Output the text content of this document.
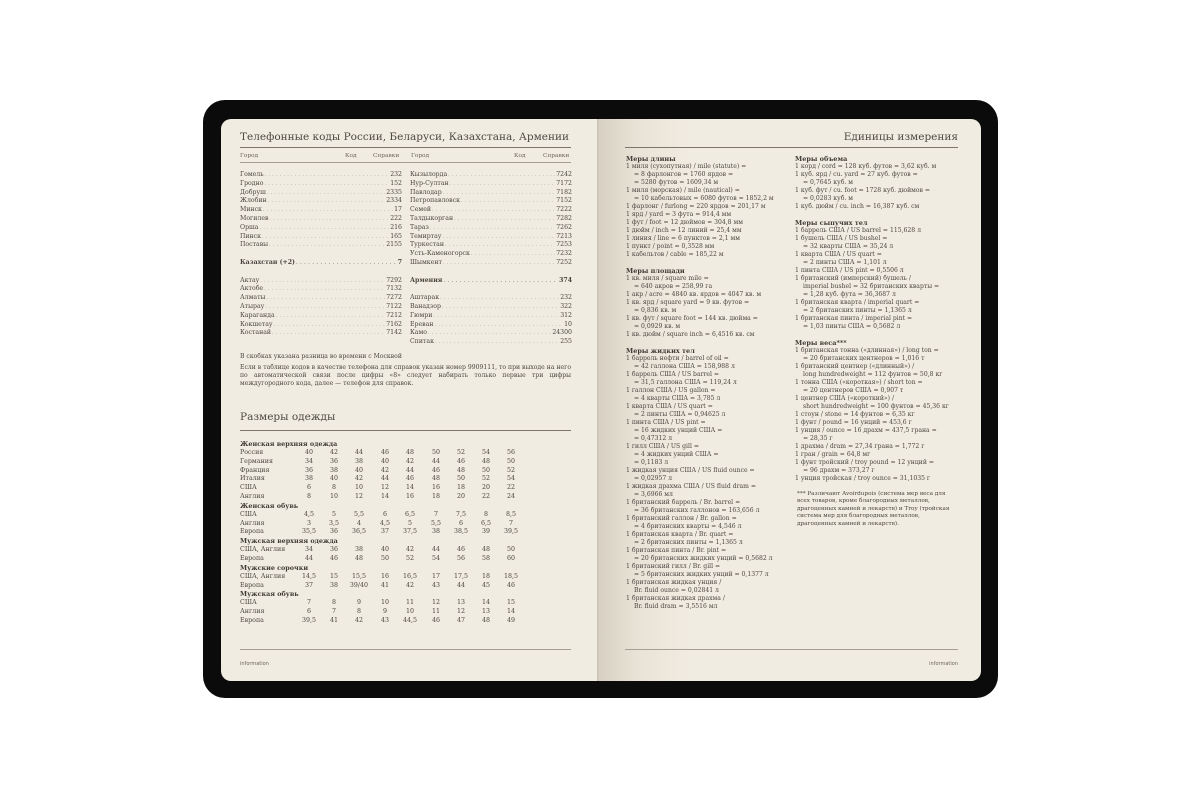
Телефонные коды России, Беларуси, Казахстана, Армении
Город	Код	Справки Город	Код	Справки
Гомель . . .	232
Гродно . . .	152
Добруш . . .	2335
Жлобин . . .	2334
Минск . . .	17
Могилев . . .	222
Орша . . .	216
Пинск . . .	165
Поставы . . .	2155
Казахстан (+2) . . .	7
Актау . . .	7292
Актобе . . .	7132
Алматы . . .	7272
Атырау . . .	7122
Караганда . . .	7212
Кокшетау . . .	7162
Костанай . . .	7142
Кызылорда . . .	7242
Нур-Султан . . .	7172
Павлодар . . .	7182
Петропавловск . . .	7152
Семей . . .	7222
Талдыкорган . . .	7282
Тараз . . .	7262
Темиртау . . .	7213
Туркестан . . .	7253
Усть-Каменогорск . . .	7232
Шымкент . . .	7252
Армения . . .	374
Аштарак . . .	232
Ванадзор . . .	322
Гюмри . . .	312
Ереван . . .	10
Камо . . .	24300
Спитак . . .	255
В скобках указана разница во времени с Москвой
Если в таблице кодов в качестве телефона для справок указан номер 9909111, то при выходе на него по автоматической связи после цифры «8» следует набирать только первые три цифры междугородного кода, далее — телефон для справок.
Размеры одежды
Женская верхняя одежда
Россия	40	42	44	46	48	50	52	54	56
Германия	34	36	38	40	42	44	46	48	50
Франция	36	38	40	42	44	46	48	50	52
Италия	38	40	42	44	46	48	50	52	54
США	6	8	10	12	14	16	18	20	22
Англия	8	10	12	14	16	18	20	22	24
Женская обувь
США	4,5	5	5,5	6	6,5	7	7,5	8	8,5
Англия	3	3,5	4	4,5	5	5,5	6	6,5	7
Европа	35,5	36	36,5	37	37,5	38	38,5	39	39,5
Мужская верхняя одежда
США, Англия	34	36	38	40	42	44	46	48	50
Европа	44	46	48	50	52	54	56	58	60
Мужские сорочки
США, Англия	14,5	15	15,5	16	16,5	17	17,5	18	18,5
Европа	37	38	39/40	41	42	43	44	45	46
Мужская обувь
США	7	8	9	10	11	12	13	14	15
Англия	6	7	8	9	10	11	12	13	14
Европа	39,5	41	42	43	44,5	46	47	48	49
information
Единицы измерения
Меры длины
1 миля (сухопутная) / mile (statute) =
= 8 фарлонгов = 1760 ярдов =
= 5280 футов = 1609,34 м
1 миля (морская) / mile (nautical) =
= 10 кабельтовых = 6080 футов = 1852,2 м
1 фарлонг / furlong = 220 ярдов = 201,17 м
1 ярд / yard = 3 фута = 914,4 мм
1 фут / foot = 12 дюймов = 304,8 мм
1 дюйм / inch = 12 линий = 25,4 мм
1 линия / line = 6 пунктов = 2,1 мм
1 пункт / point = 0,3528 мм
1 кабельтов / cable = 185,22 м
Меры площади
1 кв. миля / square mile =
= 640 акров = 258,99 га
1 акр / acre = 4840 кв. ярдов = 4047 кв. м
1 кв. ярд / square yard = 9 кв. футов =
= 0,836 кв. м
1 кв. фут / square foot = 144 кв. дюйма =
= 0,0929 кв. м
1 кв. дюйм / square inch = 6,4516 кв. см
Меры жидких тел
1 баррель нефти / barrel of oil =
= 42 галлона США = 158,988 л
1 баррель США / US barrel =
= 31,5 галлона США = 119,24 л
1 галлон США / US gallon =
= 4 кварты США = 3,785 л
1 кварта США / US quart =
= 2 пинты США = 0,94625 л
1 пинта США / US pint =
= 16 жидких унций США =
= 0,47312 л
1 гилл США / US gill =
= 4 жидких унций США =
= 0,1183 л
1 жидкая унция США / US fluid ounce =
= 0,02957 л
1 жидкая драхма США / US fluid dram =
= 3,6966 мл
1 британский баррель / Br. barrel =
= 36 британских галлонов = 163,656 л
1 британский галлон / Br. gallon =
= 4 британских кварты = 4,546 л
1 британская кварта / Br. quart =
= 2 британских пинты = 1,1365 л
1 британская пинта / Br. pint =
= 20 британских жидких унций = 0,5682 л
1 британский гилл / Br. gill =
= 5 британских жидких унций = 0,1377 л
1 британская жидкая унция /
Br. fluid ounce = 0,02841 л
1 британская жидкая драхма /
Br. fluid dram = 3,5516 мл
Меры объема
1 корд / cord = 128 куб. футов = 3,62 куб. м
1 куб. ярд / cu. yard = 27 куб. футов =
= 0,7645 куб. м
1 куб. фут / cu. foot = 1728 куб. дюймов =
= 0,0283 куб. м
1 куб. дюйм / cu. inch = 16,387 куб. см
Меры сыпучих тел
1 баррель США / US barrel = 115,628 л
1 бушель США / US bushel =
= 32 кварты США = 35,24 л
1 кварта США / US quart =
= 2 пинты США = 1,101 л
1 пинта США / US pint = 0,5506 л
1 британский (имперский) бушель /
imperial bushel = 32 британских кварты =
= 1,28 куб. фута = 36,3687 л
1 британская кварта / imperial quart =
= 2 британских пинты = 1,1365 л
1 британская пинта / imperial pint =
= 1,03 пинты США = 0,5682 л
Меры веса***
1 британская тонна («длинная») / long ton =
= 20 британских центнеров = 1,016 т
1 британский центнер («длинный») /
long hundredweight = 112 фунтов = 50,8 кг
1 тонна США («короткая») / short ton =
= 20 центнеров США = 0,907 т
1 центнер США («короткий») /
short hundredweight = 100 фунтов = 45,36 кг
1 стоун / stone = 14 фунтов = 6,35 кг
1 фунт / pound = 16 унций = 453,6 г
1 унция / ounce = 16 драхм = 437,5 грана =
= 28,35 г
1 драхма / dram = 27,34 грана = 1,772 г
1 гран / grain = 64,8 мг
1 фунт тройский / troy pound = 12 унций =
= 96 драхм = 373,27 г
1 унция тройская / troy ounce = 31,1035 г
*** Различают Avoirdupois (система мер веса для всех товаров, кроме благородных металлов, драгоценных камней и лекарств) и Troy (тройская система мер для благородных металлов, драгоценных камней и лекарств).
information
